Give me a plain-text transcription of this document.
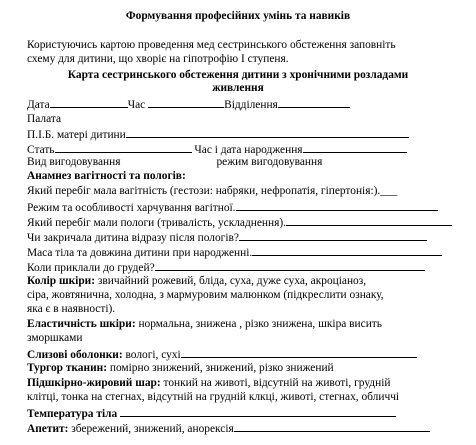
Формування професійних умінь та навиків
Користуючись картою проведення мед сестринського обстеження заповніть
схему для дитини, що хворіє на гіпотрофію I ступеня.
Карта сестринського обстеження дитини з хронічними розладами
живлення
Дата	Час	Відділення
Палата
П.І.Б. матері дитини
Стать	Час і дата народження
Вид вигодовування	режим вигодовування
Анамнез вагітності та пологів:
Який перебіг мала вагітність (гестози: набряки, нефропатія, гіпертонія:).___
Режим та особливості харчування вагітної.
Який перебіг мали пологи (тривалість, ускладнення).
Чи закричала дитина відразу після пологів?
Маса тіла та довжина дитини при народженні.
Коли приклали до грудей?
Колір шкіри: звичайний рожевий, бліда, суха, дуже суха, акроціаноз,
сіра, жовтянична, холодна, з мармуровим малюнком (підкреслити ознаку,
яка є в наявності).
Еластичність шкіри: нормальна, знижена , різко знижена, шкіра висить
зморшками
Слизові оболонки: вологі, сухі
Тургор тканин: помірно знижений, знижений, різко знижений
Підшкірно-жировий шар: тонкий на животі, відсутній на животі, грудній
клітці, тонка на стегнах, відсутній на грудній клкці, животі, стегнах, обличчі
Температура тіла
Апетит: збережений, знижений, анорексія
